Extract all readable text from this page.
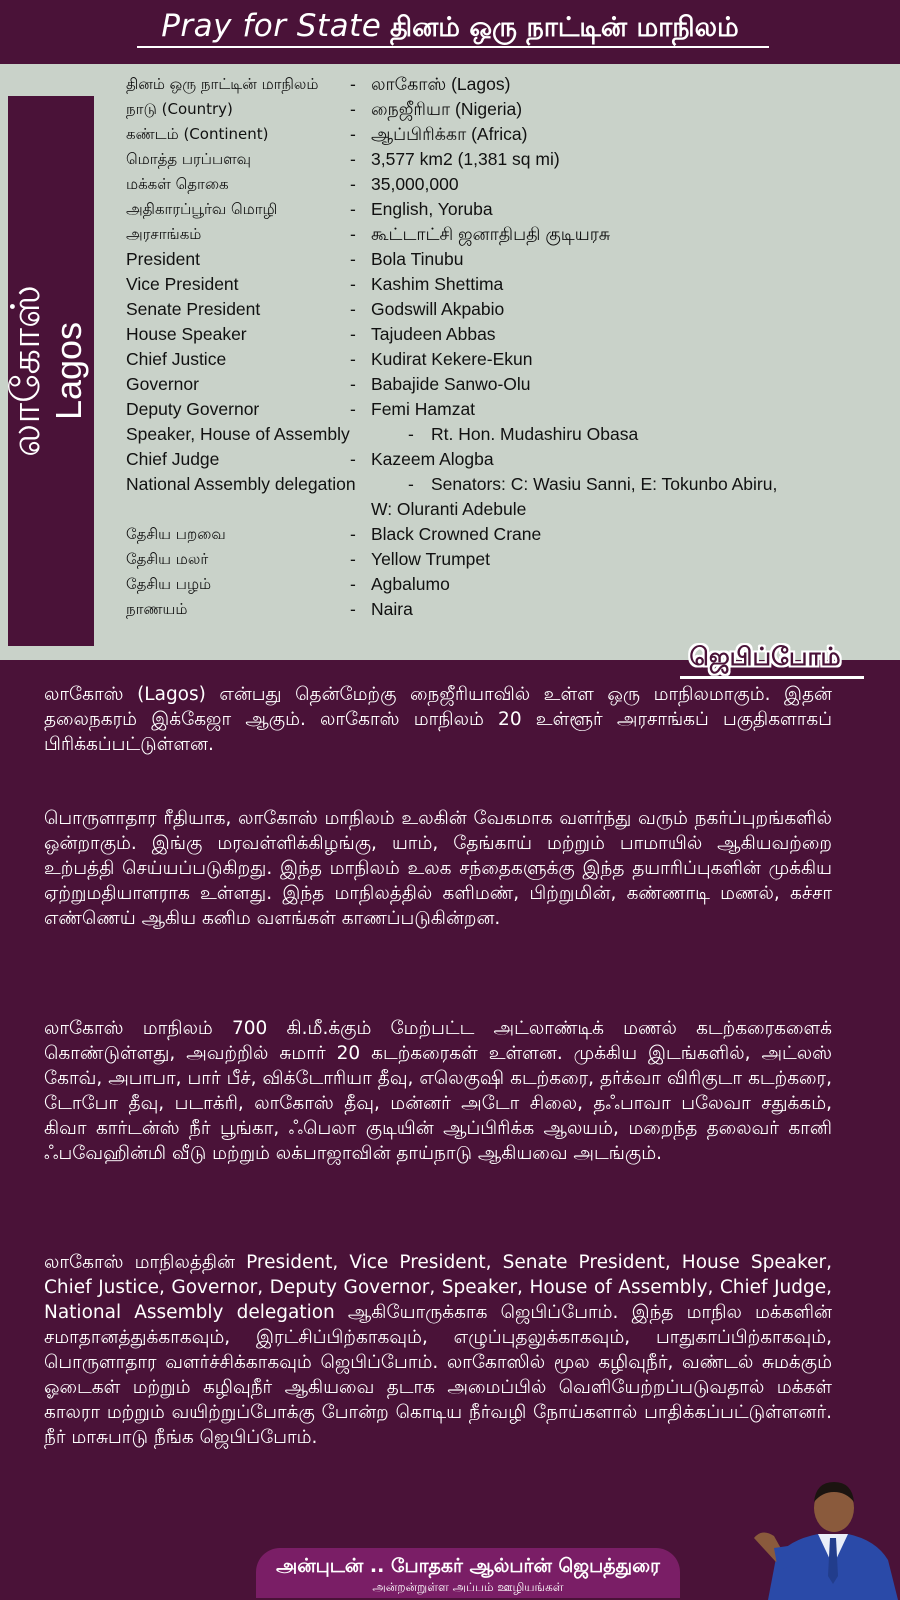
Pray for State தினம் ஒரு நாட்டின் மாநிலம்
லாகோஸ் Lagos
தினம் ஒரு நாட்டின் மாநிலம் - லாகோஸ் (Lagos)
நாடு (Country)	- நைஜீரியா (Nigeria)
கண்டம் (Continent)	- ஆப்பிரிக்கா (Africa)
மொத்த பரப்பளவு	- 3,577 km2 (1,381 sq mi)
மக்கள் தொகை	- 35,000,000
அதிகாரப்பூர்வ மொழி	- English, Yoruba
அரசாங்கம்	- கூட்டாட்சி ஜனாதிபதி குடியரசு
President	- Bola Tinubu
Vice President	- Kashim Shettima
Senate President	- Godswill Akpabio
House Speaker	- Tajudeen Abbas
Chief Justice	- Kudirat Kekere-Ekun
Governor	- Babajide Sanwo-Olu
Deputy Governor	- Femi Hamzat
Speaker, House of Assembly	- Rt. Hon. Mudashiru Obasa
Chief Judge	- Kazeem Alogba
National Assembly delegation	- Senators: C: Wasiu Sanni, E: Tokunbo Abiru,
W: Oluranti Adebule
தேசிய பறவை	- Black Crowned Crane
தேசிய மலர்	- Yellow Trumpet
தேசிய பழம்	- Agbalumo
நாணயம்	- Naira
ஜெபிப்போம்
லாகோஸ் (Lagos) என்பது தென்மேற்கு நைஜீரியாவில் உள்ள ஒரு மாநிலமாகும். இதன் தலைநகரம் இக்கேஜா ஆகும். லாகோஸ் மாநிலம் 20 உள்ளூர் அரசாங்கப் பகுதிகளாகப் பிரிக்கப்பட்டுள்ளன.
பொருளாதார ரீதியாக, லாகோஸ் மாநிலம் உலகின் வேகமாக வளர்ந்து வரும் நகர்ப்புறங்களில் ஒன்றாகும். இங்கு மரவள்ளிக்கிழங்கு, யாம், தேங்காய் மற்றும் பாமாயில் ஆகியவற்றை உற்பத்தி செய்யப்படுகிறது. இந்த மாநிலம் உலக சந்தைகளுக்கு இந்த தயாரிப்புகளின் முக்கிய ஏற்றுமதியாளராக உள்ளது. இந்த மாநிலத்தில் களிமண், பிற்றுமின், கண்ணாடி மணல், கச்சா எண்ணெய் ஆகிய கனிம வளங்கள் காணப்படுகின்றன.
லாகோஸ் மாநிலம் 700 கி.மீ.க்கும் மேற்பட்ட அட்லாண்டிக் மணல் கடற்கரைகளைக் கொண்டுள்ளது, அவற்றில் சுமார் 20 கடற்கரைகள் உள்ளன. முக்கிய இடங்களில், அட்லஸ் கோவ், அபாபா, பார் பீச், விக்டோரியா தீவு, எலெகுஷி கடற்கரை, தர்க்வா விரிகுடா கடற்கரை, டோபோ தீவு, படாக்ரி, லாகோஸ் தீவு, மன்னர் அடோ சிலை, தஃபாவா பலேவா சதுக்கம், கிவா கார்டன்ஸ் நீர் பூங்கா, ஃபெலா குடியின் ஆப்பிரிக்க ஆலயம், மறைந்த தலைவர் கானி ஃபவேஹின்மி வீடு மற்றும் லக்பாஜாவின் தாய்நாடு ஆகியவை அடங்கும்.
லாகோஸ் மாநிலத்தின் President, Vice President, Senate President, House Speaker, Chief Justice, Governor, Deputy Governor, Speaker, House of Assembly, Chief Judge, National Assembly delegation ஆகியோருக்காக ஜெபிப்போம். இந்த மாநில மக்களின் சமாதானத்துக்காகவும், இரட்சிப்பிற்காகவும், எழுப்புதலுக்காகவும், பாதுகாப்பிற்காகவும், பொருளாதார வளர்ச்சிக்காகவும் ஜெபிப்போம். லாகோஸில் மூல கழிவுநீர், வண்டல் சுமக்கும் ஓடைகள் மற்றும் கழிவுநீர் ஆகியவை தடாக அமைப்பில் வெளியேற்றப்படுவதால் மக்கள் காலரா மற்றும் வயிற்றுப்போக்கு போன்ற கொடிய நீர்வழி நோய்களால் பாதிக்கப்பட்டுள்ளனர். நீர் மாசுபாடு நீங்க ஜெபிப்போம்.
அன்புடன் .. போதகர் ஆல்பர்ன் ஜெபத்துரை
அன்றன்றுள்ள அப்பம் ஊழியங்கள்
